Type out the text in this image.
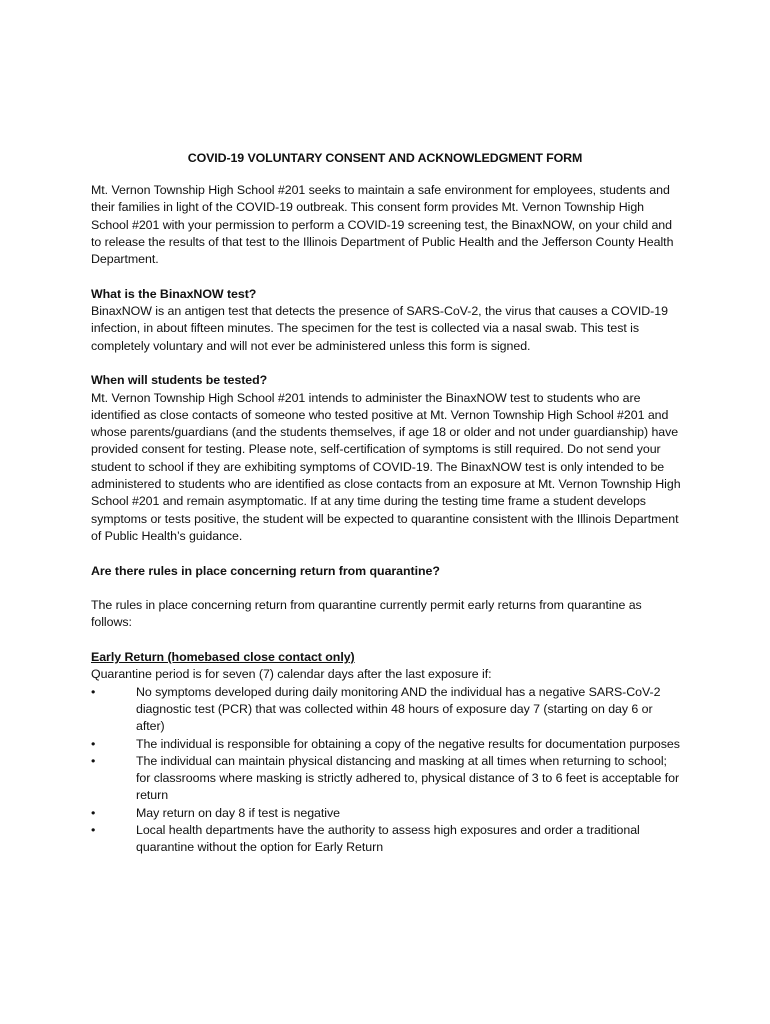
COVID-19 VOLUNTARY CONSENT AND ACKNOWLEDGMENT FORM

Mt. Vernon Township High School #201 seeks to maintain a safe environment for employees, students and their families in light of the COVID-19 outbreak. This consent form provides Mt. Vernon Township High School #201 with your permission to perform a COVID-19 screening test, the BinaxNOW, on your child and to release the results of that test to the Illinois Department of Public Health and the Jefferson County Health Department.

What is the BinaxNOW test?

BinaxNOW is an antigen test that detects the presence of SARS-CoV-2, the virus that causes a COVID-19 infection, in about fifteen minutes. The specimen for the test is collected via a nasal swab. This test is completely voluntary and will not ever be administered unless this form is signed.

When will students be tested?

Mt. Vernon Township High School #201 intends to administer the BinaxNOW test to students who are identified as close contacts of someone who tested positive at Mt. Vernon Township High School #201 and whose parents/guardians (and the students themselves, if age 18 or older and not under guardianship) have provided consent for testing. Please note, self-certification of symptoms is still required. Do not send your student to school if they are exhibiting symptoms of COVID-19. The BinaxNOW test is only intended to be administered to students who are identified as close contacts from an exposure at Mt. Vernon Township High School #201 and remain asymptomatic. If at any time during the testing time frame a student develops symptoms or tests positive, the student will be expected to quarantine consistent with the Illinois Department of Public Health’s guidance.

Are there rules in place concerning return from quarantine?

The rules in place concerning return from quarantine currently permit early returns from quarantine as follows:

Early Return (homebased close contact only)

Quarantine period is for seven (7) calendar days after the last exposure if:

•	No symptoms developed during daily monitoring AND the individual has a negative SARS-CoV-2 diagnostic test (PCR) that was collected within 48 hours of exposure day 7 (starting on day 6 or after)
•	The individual is responsible for obtaining a copy of the negative results for documentation purposes
•	The individual can maintain physical distancing and masking at all times when returning to school; for classrooms where masking is strictly adhered to, physical distance of 3 to 6 feet is acceptable for return
•	May return on day 8 if test is negative
•	Local health departments have the authority to assess high exposures and order a traditional quarantine without the option for Early Return
